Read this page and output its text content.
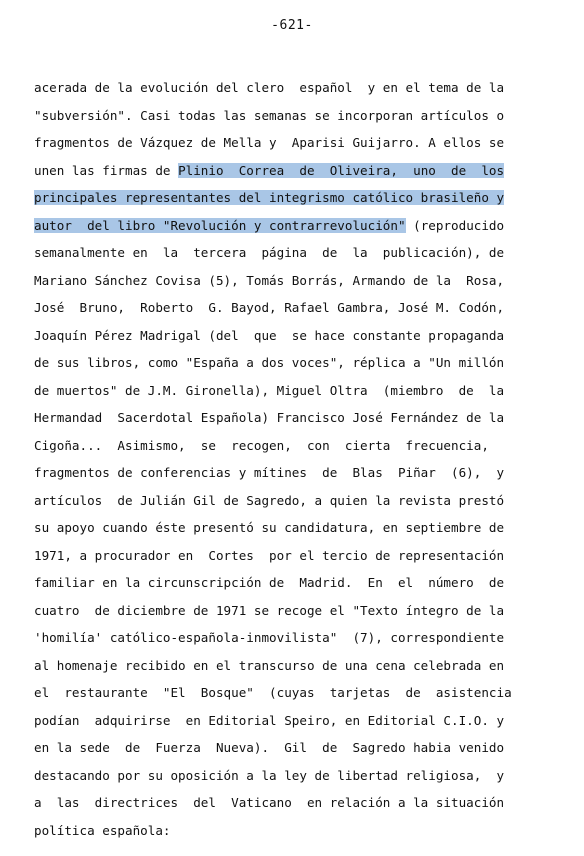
-621-
acerada de la evolución del clero  español  y en el tema de la
"subversión". Casi todas las semanas se incorporan artículos o
fragmentos de Vázquez de Mella y  Aparisi Guijarro. A ellos se
unen las firmas de Plinio  Correa  de  Oliveira,  uno  de  los
principales representantes del integrismo católico brasileño y
autor  del libro "Revolución y contrarrevolución" (reproducido
semanalmente en  la  tercera  página  de  la  publicación), de
Mariano Sánchez Covisa (5), Tomás Borrás, Armando de la  Rosa,
José  Bruno,  Roberto  G. Bayod, Rafael Gambra, José M. Codón,
Joaquín Pérez Madrigal (del  que  se hace constante propaganda
de sus libros, como "España a dos voces", réplica a "Un millón
de muertos" de J.M. Gironella), Miguel Oltra  (miembro  de  la
Hermandad  Sacerdotal Española) Francisco José Fernández de la
Cigoña...  Asimismo,  se  recogen,  con  cierta  frecuencia,
fragmentos de conferencias y mítines  de  Blas  Piñar  (6),  y
artículos  de Julián Gil de Sagredo, a quien la revista prestó
su apoyo cuando éste presentó su candidatura, en septiembre de
1971, a procurador en  Cortes  por el tercio de representación
familiar en la circunscripción de  Madrid.  En  el  número  de
cuatro  de diciembre de 1971 se recoge el "Texto íntegro de la
'homilía' católico-española-inmovilista"  (7), correspondiente
al homenaje recibido en el transcurso de una cena celebrada en
el  restaurante  "El  Bosque"  (cuyas  tarjetas  de  asistencia
podían  adquirirse  en Editorial Speiro, en Editorial C.I.O. y
en la sede  de  Fuerza  Nueva).  Gil  de  Sagredo habia venido
destacando por su oposición a la ley de libertad religiosa,  y
a  las  directrices  del  Vaticano  en relación a la situación
política española:
